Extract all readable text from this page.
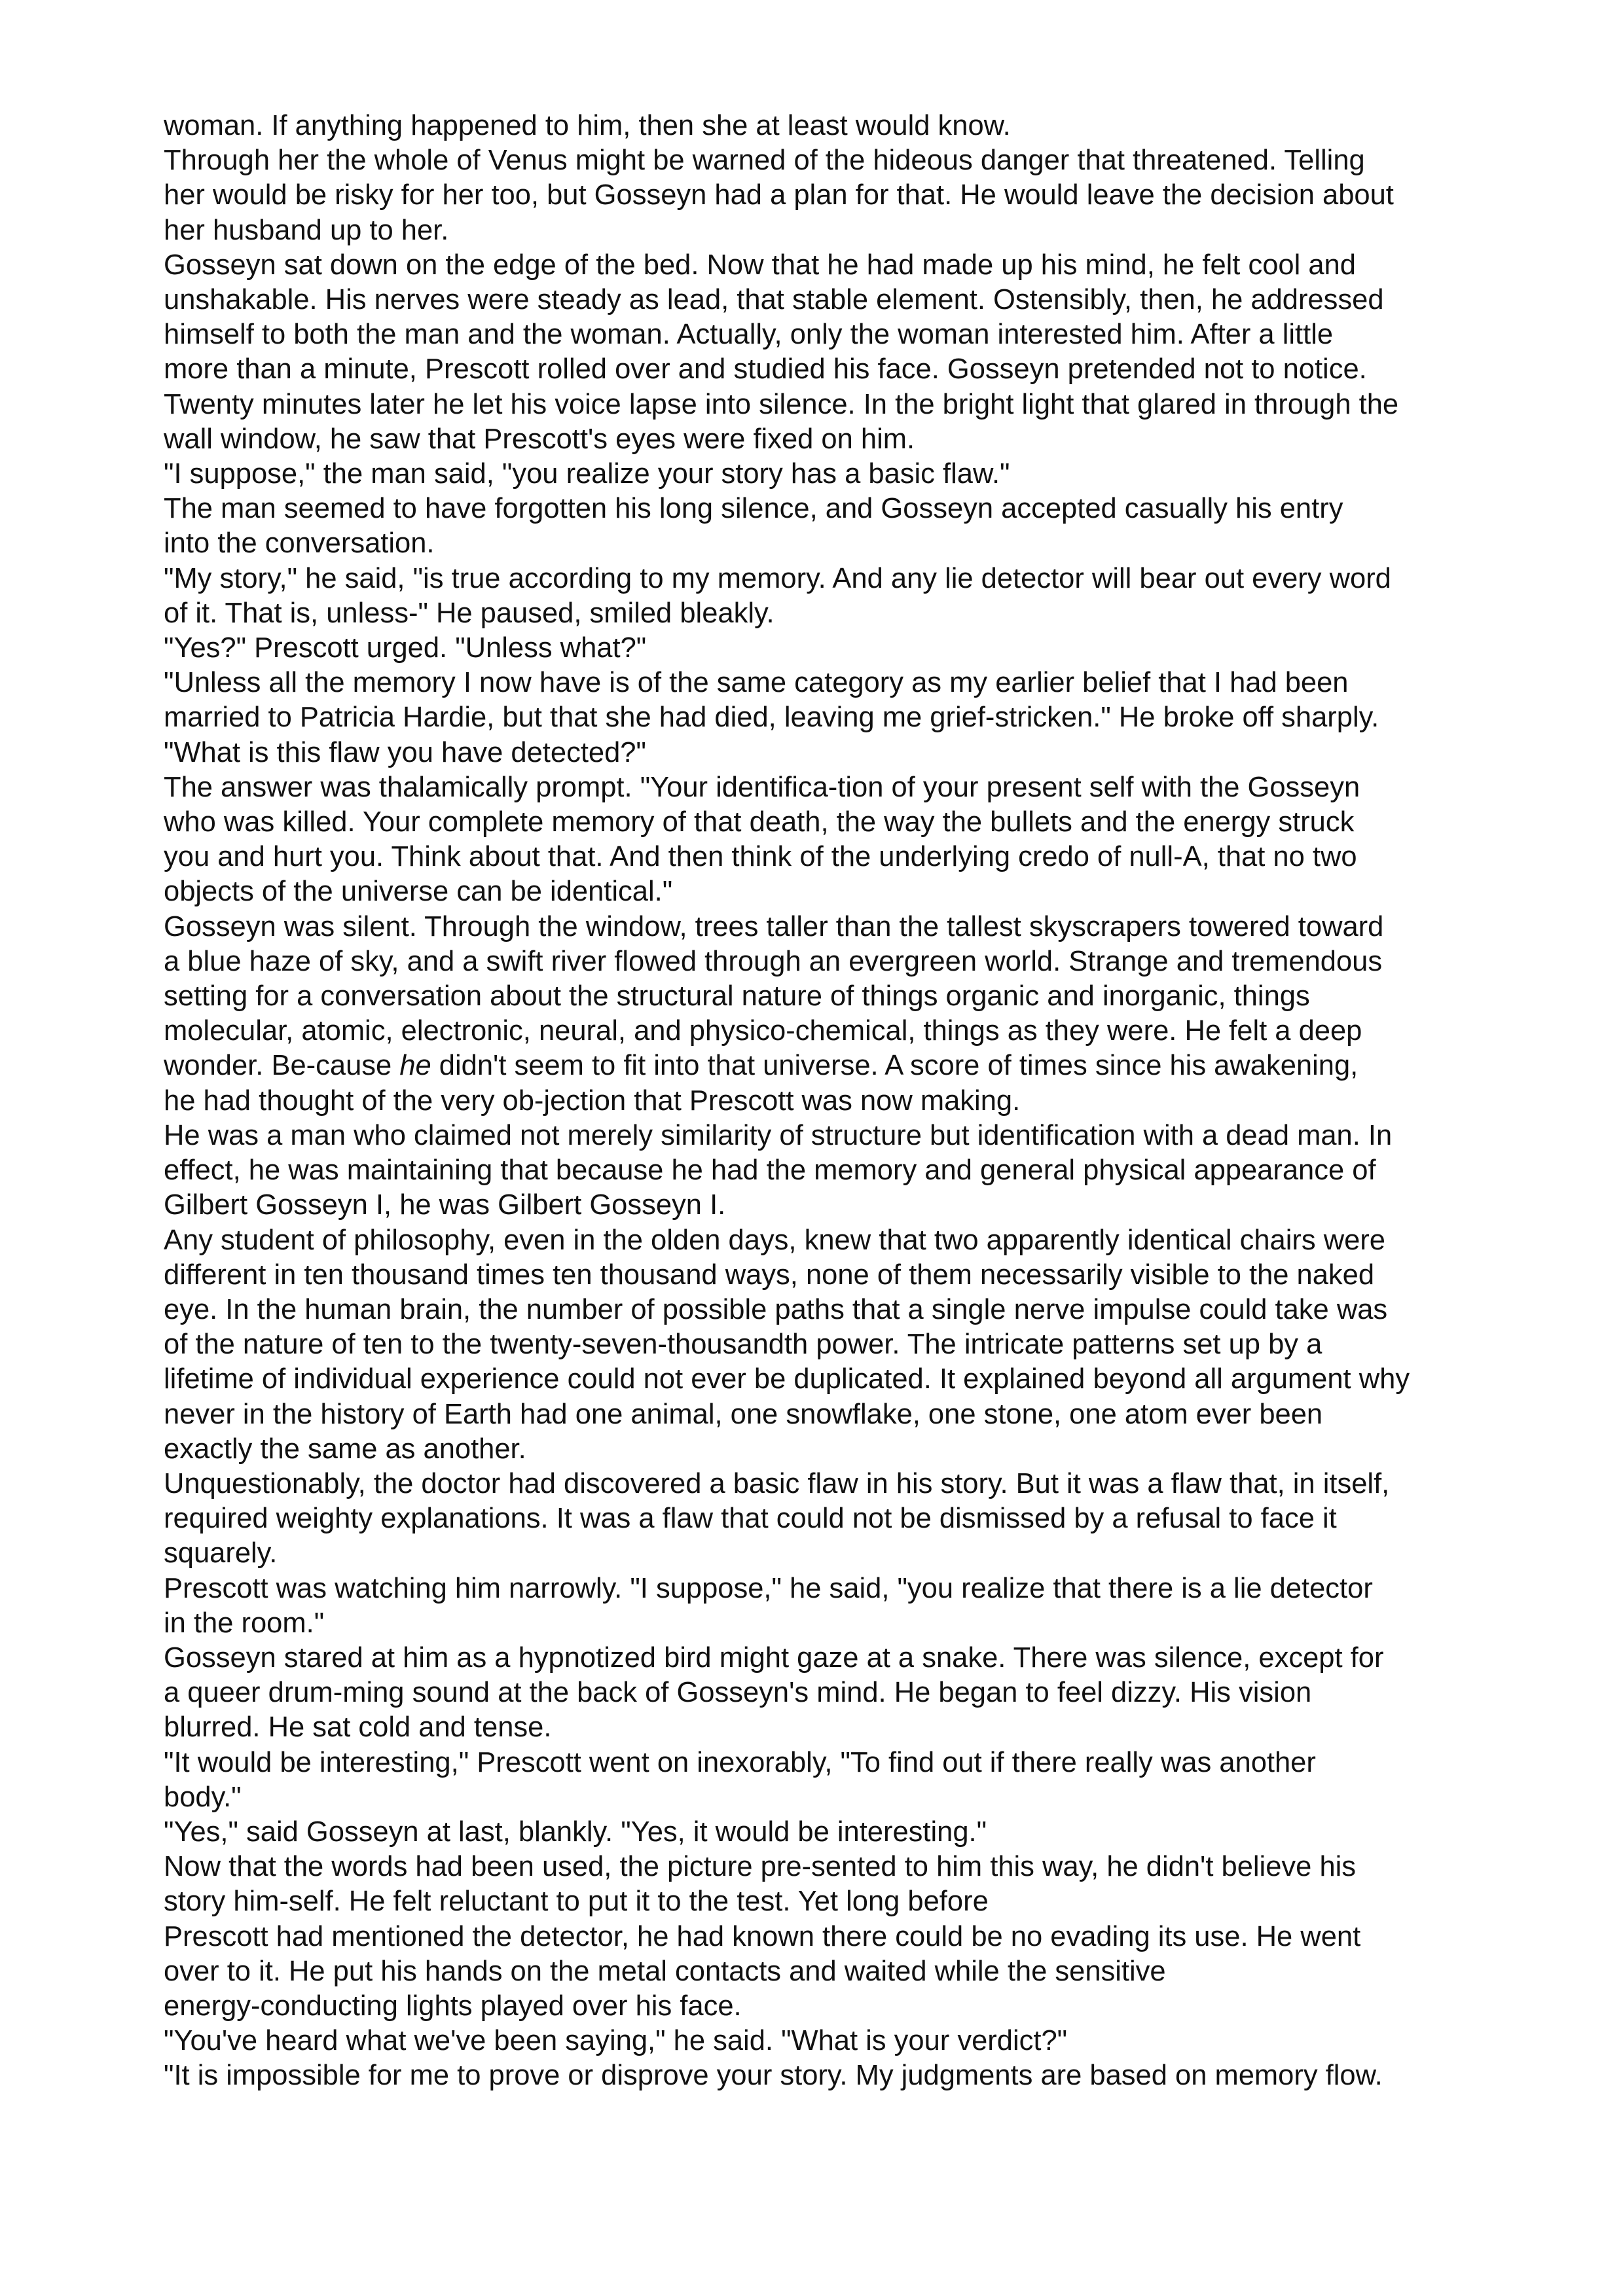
woman. If anything happened to him, then she at least would know.

Through her the whole of Venus might be warned of the hideous danger that threatened. Telling
her would be risky for her too, but Gosseyn had a plan for that. He would leave the decision about
her husband up to her.

Gosseyn sat down on the edge of the bed. Now that he had made up his mind, he felt cool and
unshakable. His nerves were steady as lead, that stable element. Ostensibly, then, he addressed
himself to both the man and the woman. Actually, only the woman interested him. After a little
more than a minute, Prescott rolled over and studied his face. Gosseyn pretended not to notice.

Twenty minutes later he let his voice lapse into silence. In the bright light that glared in through the
wall window, he saw that Prescott's eyes were fixed on him.

"I suppose," the man said, "you realize your story has a basic flaw."

The man seemed to have forgotten his long silence, and Gosseyn accepted casually his entry
into the conversation.

"My story," he said, "is true according to my memory. And any lie detector will bear out every word
of it. That is, unless-" He paused, smiled bleakly.

"Yes?" Prescott urged. "Unless what?"

"Unless all the memory I now have is of the same category as my earlier belief that I had been
married to Patricia Hardie, but that she had died, leaving me grief-stricken." He broke off sharply.
"What is this flaw you have detected?"

The answer was thalamically prompt. "Your identifica-tion of your present self with the Gosseyn
who was killed. Your complete memory of that death, the way the bullets and the energy struck
you and hurt you. Think about that. And then think of the underlying credo of null-A, that no two
objects of the universe can be identical."

Gosseyn was silent. Through the window, trees taller than the tallest skyscrapers towered toward
a blue haze of sky, and a swift river flowed through an evergreen world. Strange and tremendous
setting for a conversation about the structural nature of things organic and inorganic, things
molecular, atomic, electronic, neural, and physico-chemical, things as they were. He felt a deep
wonder. Be-cause he didn't seem to fit into that universe. A score of times since his awakening,
he had thought of the very ob-jection that Prescott was now making.

He was a man who claimed not merely similarity of structure but identification with a dead man. In
effect, he was maintaining that because he had the memory and general physical appearance of
Gilbert Gosseyn I, he was Gilbert Gosseyn I.

Any student of philosophy, even in the olden days, knew that two apparently identical chairs were
different in ten thousand times ten thousand ways, none of them necessarily visible to the naked
eye. In the human brain, the number of possible paths that a single nerve impulse could take was
of the nature of ten to the twenty-seven-thousandth power. The intricate patterns set up by a
lifetime of individual experience could not ever be duplicated. It explained beyond all argument why
never in the history of Earth had one animal, one snowflake, one stone, one atom ever been
exactly the same as another.

Unquestionably, the doctor had discovered a basic flaw in his story. But it was a flaw that, in itself,
required weighty explanations. It was a flaw that could not be dismissed by a refusal to face it
squarely.

Prescott was watching him narrowly. "I suppose," he said, "you realize that there is a lie detector
in the room."

Gosseyn stared at him as a hypnotized bird might gaze at a snake. There was silence, except for
a queer drum-ming sound at the back of Gosseyn's mind. He began to feel dizzy. His vision
blurred. He sat cold and tense.

"It would be interesting," Prescott went on inexorably, "To find out if there really was another
body."

"Yes," said Gosseyn at last, blankly. "Yes, it would be interesting."

Now that the words had been used, the picture pre-sented to him this way, he didn't believe his
story him-self. He felt reluctant to put it to the test. Yet long before

Prescott had mentioned the detector, he had known there could be no evading its use. He went
over to it. He put his hands on the metal contacts and waited while the sensitive
energy-conducting lights played over his face.

"You've heard what we've been saying," he said. "What is your verdict?"

"It is impossible for me to prove or disprove your story. My judgments are based on memory flow.
